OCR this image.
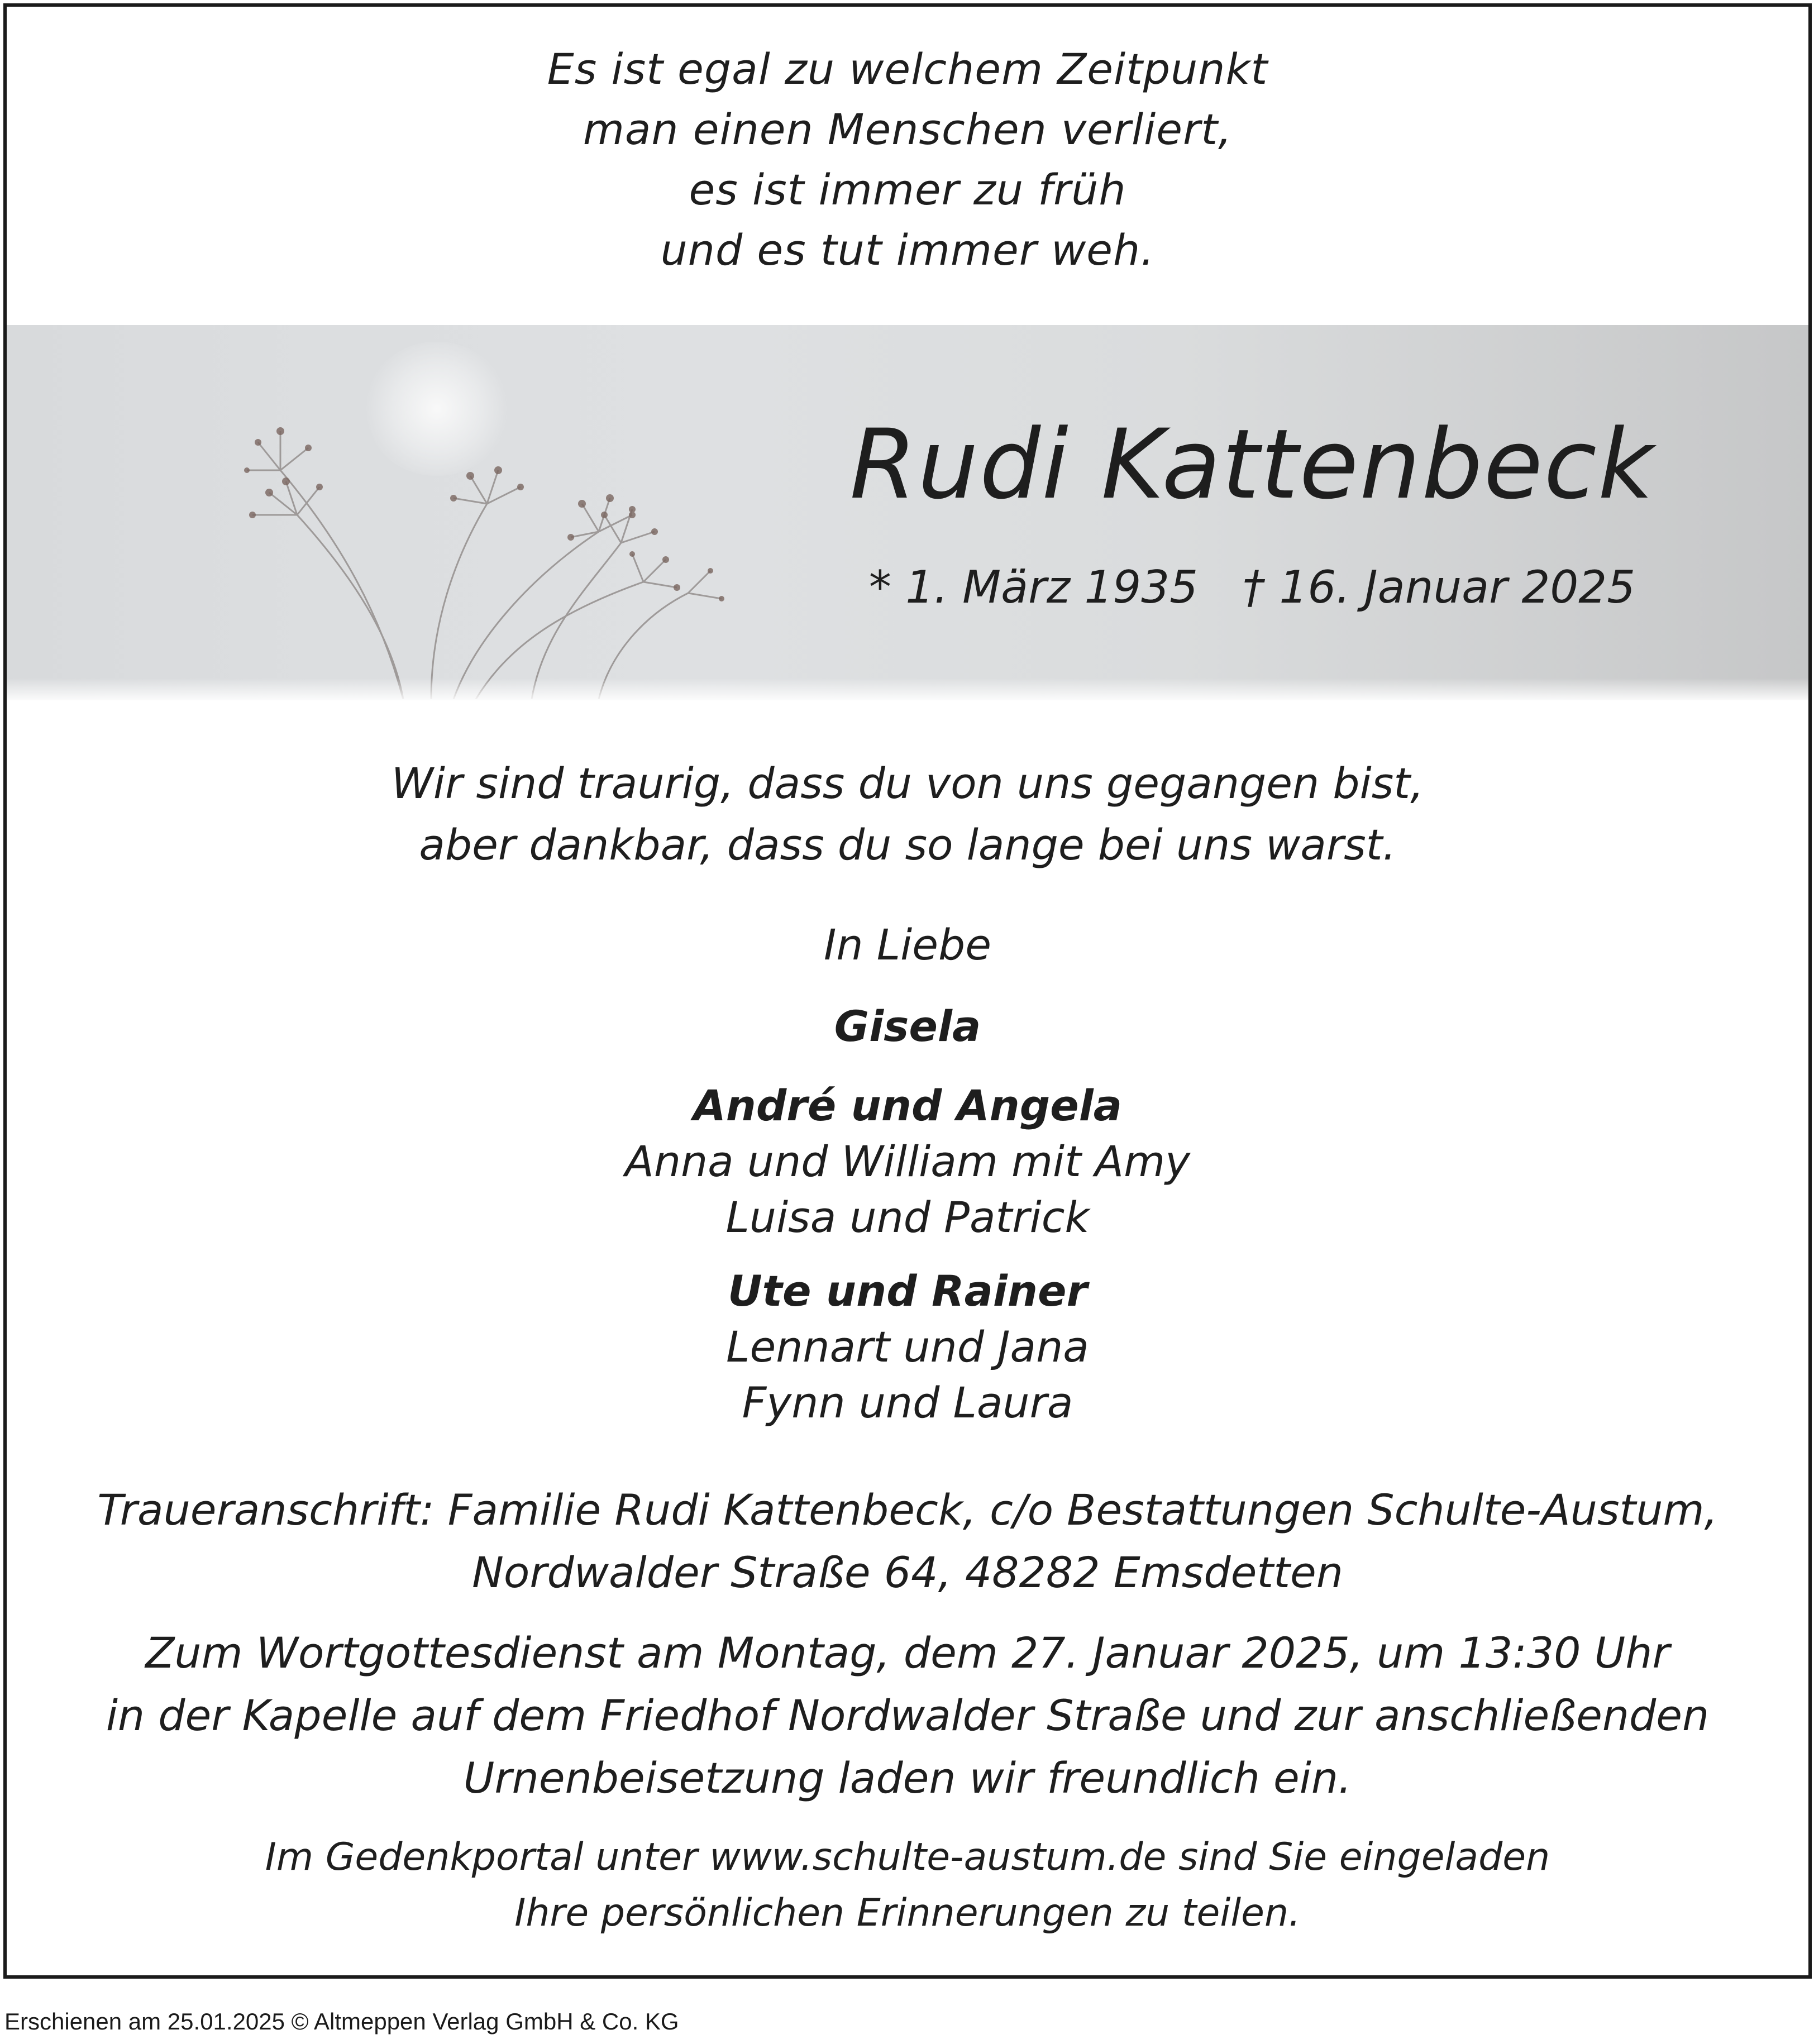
Es ist egal zu welchem Zeitpunkt
man einen Menschen verliert,
es ist immer zu früh
und es tut immer weh.
Rudi Kattenbeck
* 1. März 1935 † 16. Januar 2025
Wir sind traurig, dass du von uns gegangen bist,
aber dankbar, dass du so lange bei uns warst.
In Liebe
Gisela
André und Angela
Anna und William mit Amy
Luisa und Patrick
Ute und Rainer
Lennart und Jana
Fynn und Laura
Traueranschrift: Familie Rudi Kattenbeck, c/o Bestattungen Schulte-Austum,
Nordwalder Straße 64, 48282 Emsdetten
Zum Wortgottesdienst am Montag, dem 27. Januar 2025, um 13:30 Uhr
in der Kapelle auf dem Friedhof Nordwalder Straße und zur anschließenden
Urnenbeisetzung laden wir freundlich ein.
Im Gedenkportal unter www.schulte-austum.de sind Sie eingeladen
Ihre persönlichen Erinnerungen zu teilen.
Erschienen am 25.01.2025 © Altmeppen Verlag GmbH & Co. KG
